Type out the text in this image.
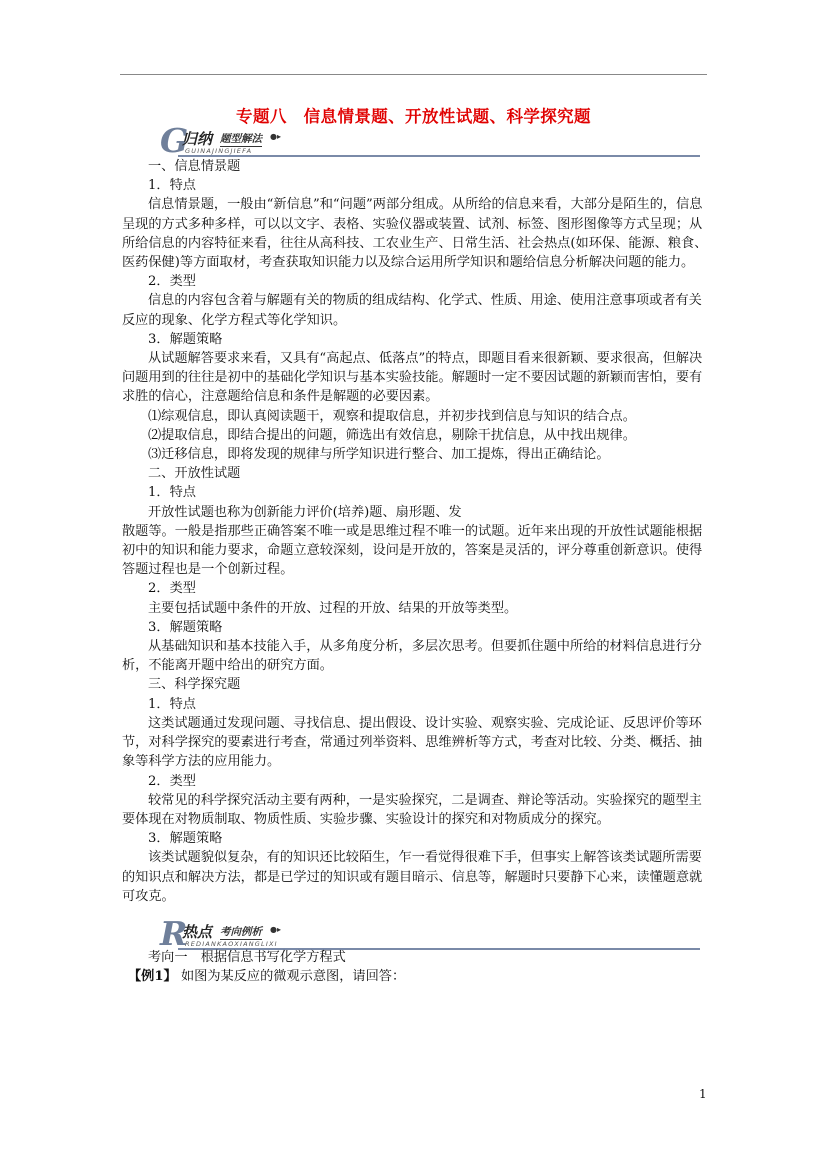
专题八　信息情景题、开放性试题、科学探究题
G
归纳 题型解法 ●▸
GUINAJINGJIEFA

一、信息情景题

1．特点

信息情景题，一般由“新信息”和“问题”两部分组成。从所给的信息来看，大部分是陌生的，信息呈现的方式多种多样，可以以文字、表格、实验仪器或装置、试剂、标签、图形图像等方式呈现；从所给信息的内容特征来看，往往从高科技、工农业生产、日常生活、社会热点(如环保、能源、粮食、医药保健)等方面取材，考查获取知识能力以及综合运用所学知识和题给信息分析解决问题的能力。

2．类型

信息的内容包含着与解题有关的物质的组成结构、化学式、性质、用途、使用注意事项或者有关反应的现象、化学方程式等化学知识。

3．解题策略

从试题解答要求来看，又具有“高起点、低落点”的特点，即题目看来很新颖、要求很高，但解决问题用到的往往是初中的基础化学知识与基本实验技能。解题时一定不要因试题的新颖而害怕，要有求胜的信心，注意题给信息和条件是解题的必要因素。

⑴综观信息，即认真阅读题干，观察和提取信息，并初步找到信息与知识的结合点。

⑵提取信息，即结合提出的问题，筛选出有效信息，剔除干扰信息，从中找出规律。

⑶迁移信息，即将发现的规律与所学知识进行整合、加工提炼，得出正确结论。

二、开放性试题

1．特点

开放性试题也称为创新能力评价(培养)题、扇形题、发

散题等。一般是指那些正确答案不唯一或是思维过程不唯一的试题。近年来出现的开放性试题能根据初中的知识和能力要求，命题立意较深刻，设问是开放的，答案是灵活的，评分尊重创新意识。使得答题过程也是一个创新过程。

2．类型

主要包括试题中条件的开放、过程的开放、结果的开放等类型。

3．解题策略

从基础知识和基本技能入手，从多角度分析，多层次思考。但要抓住题中所给的材料信息进行分析，不能离开题中给出的研究方面。

三、科学探究题

1．特点

这类试题通过发现问题、寻找信息、提出假设、设计实验、观察实验、完成论证、反思评价等环节，对科学探究的要素进行考查，常通过列举资料、思维辨析等方式，考查对比较、分类、概括、抽象等科学方法的应用能力。

2．类型

较常见的科学探究活动主要有两种，一是实验探究，二是调查、辩论等活动。实验探究的题型主要体现在对物质制取、物质性质、实验步骤、实验设计的探究和对物质成分的探究。

3．解题策略

该类试题貌似复杂，有的知识还比较陌生，乍一看觉得很难下手，但事实上解答该类试题所需要的知识点和解决方法，都是已学过的知识或有题目暗示、信息等，解题时只要静下心来，读懂题意就可攻克。

R
热点 考向例析 ●▸
REDIANKAOXIANGLIXI

考向一　根据信息书写化学方程式

【例1】 如图为某反应的微观示意图，请回答：

1
